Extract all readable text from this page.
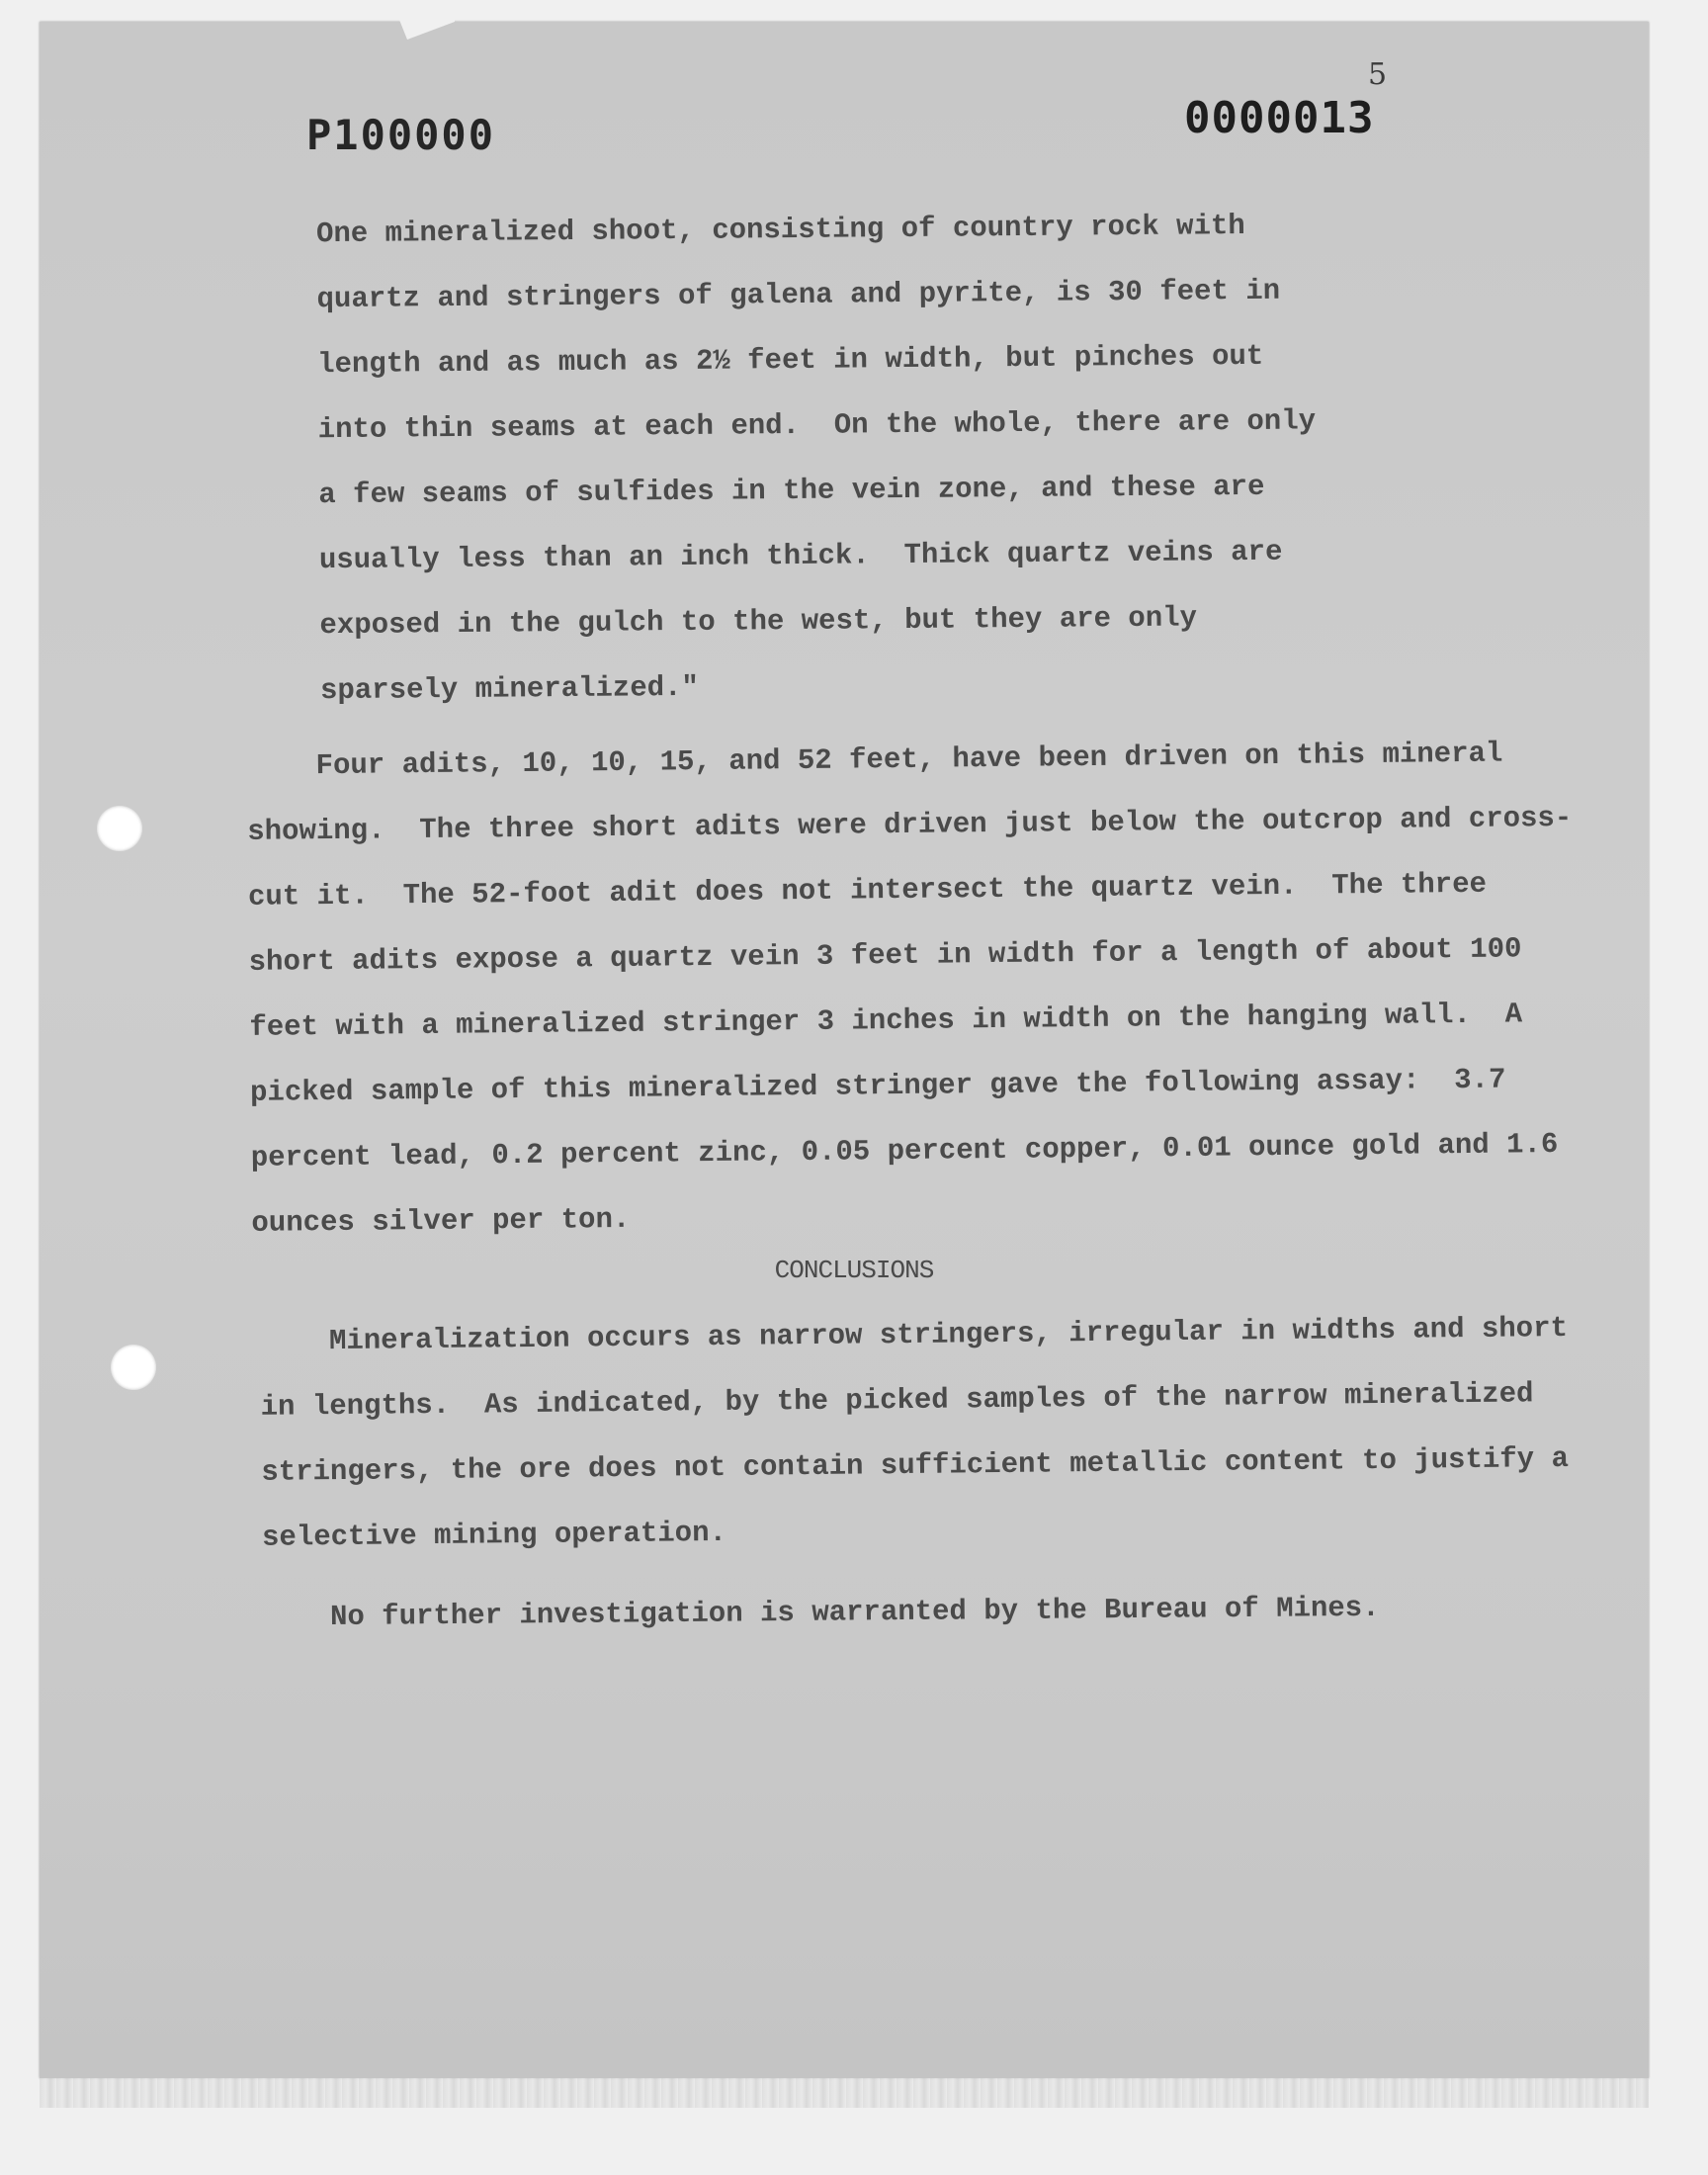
P100000	0000013
5
One mineralized shoot, consisting of country rock with
quartz and stringers of galena and pyrite, is 30 feet in
length and as much as 2½ feet in width, but pinches out
into thin seams at each end.  On the whole, there are only
a few seams of sulfides in the vein zone, and these are
usually less than an inch thick.  Thick quartz veins are
exposed in the gulch to the west, but they are only
sparsely mineralized."
Four adits, 10, 10, 15, and 52 feet, have been driven on this mineral
showing.  The three short adits were driven just below the outcrop and cross-
cut it.  The 52-foot adit does not intersect the quartz vein.  The three
short adits expose a quartz vein 3 feet in width for a length of about 100
feet with a mineralized stringer 3 inches in width on the hanging wall.  A
picked sample of this mineralized stringer gave the following assay:  3.7
percent lead, 0.2 percent zinc, 0.05 percent copper, 0.01 ounce gold and 1.6
ounces silver per ton.
CONCLUSIONS
Mineralization occurs as narrow stringers, irregular in widths and short
in lengths.  As indicated, by the picked samples of the narrow mineralized
stringers, the ore does not contain sufficient metallic content to justify a
selective mining operation.
No further investigation is warranted by the Bureau of Mines.
